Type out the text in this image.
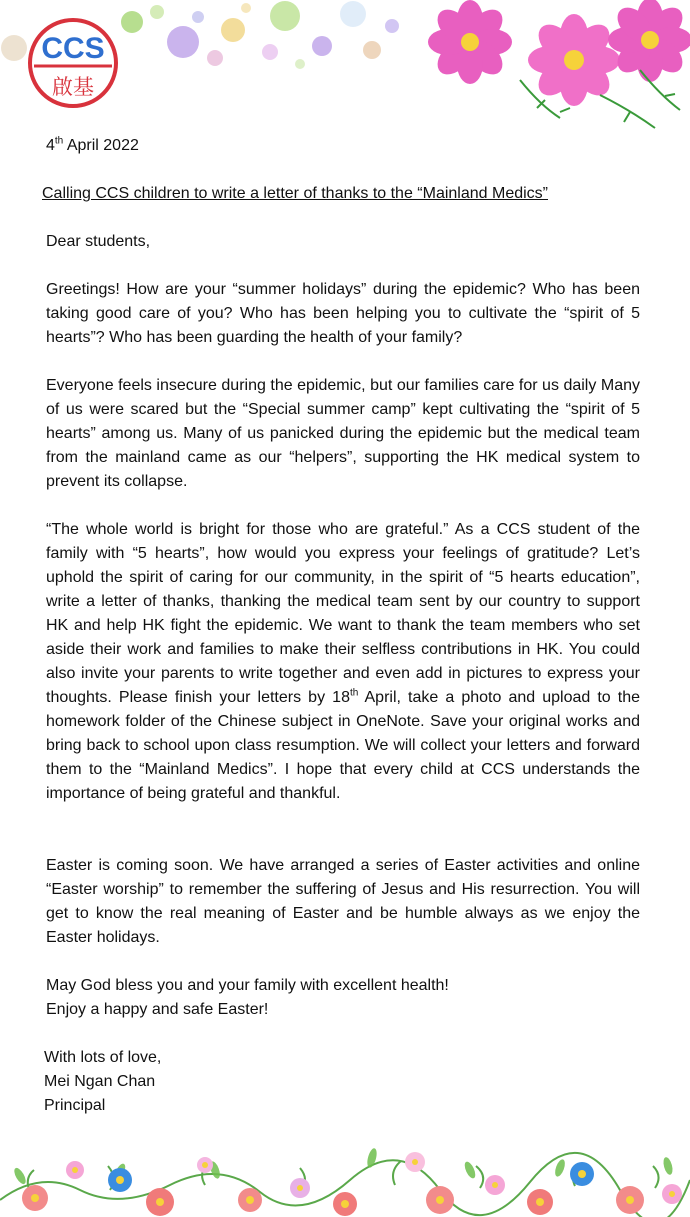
CCS
啟基
4th April 2022
Calling CCS children to write a letter of thanks to the “Mainland Medics”
Dear students,
Greetings! How are your “summer holidays” during the epidemic? Who has been taking good care of you? Who has been helping you to cultivate the “spirit of 5 hearts”? Who has been guarding the health of your family?
Everyone feels insecure during the epidemic, but our families care for us daily Many of us were scared but the “Special summer camp” kept cultivating the “spirit of 5 hearts” among us. Many of us panicked during the epidemic but the medical team from the mainland came as our “helpers”, supporting the HK medical system to prevent its collapse.
“The whole world is bright for those who are grateful.” As a CCS student of the family with “5 hearts”, how would you express your feelings of gratitude? Let’s uphold the spirit of caring for our community, in the spirit of “5 hearts education”, write a letter of thanks, thanking the medical team sent by our country to support HK and help HK fight the epidemic. We want to thank the team members who set aside their work and families to make their selfless contributions in HK. You could also invite your parents to write together and even add in pictures to express your thoughts. Please finish your letters by 18th April, take a photo and upload to the homework folder of the Chinese subject in OneNote. Save your original works and bring back to school upon class resumption. We will collect your letters and forward them to the “Mainland Medics”. I hope that every child at CCS understands the importance of being grateful and thankful.
Easter is coming soon. We have arranged a series of Easter activities and online “Easter worship” to remember the suffering of Jesus and His resurrection. You will get to know the real meaning of Easter and be humble always as we enjoy the Easter holidays.

May God bless you and your family with excellent health!

Enjoy a happy and safe Easter!

With lots of love,

Mei Ngan Chan

Principal
